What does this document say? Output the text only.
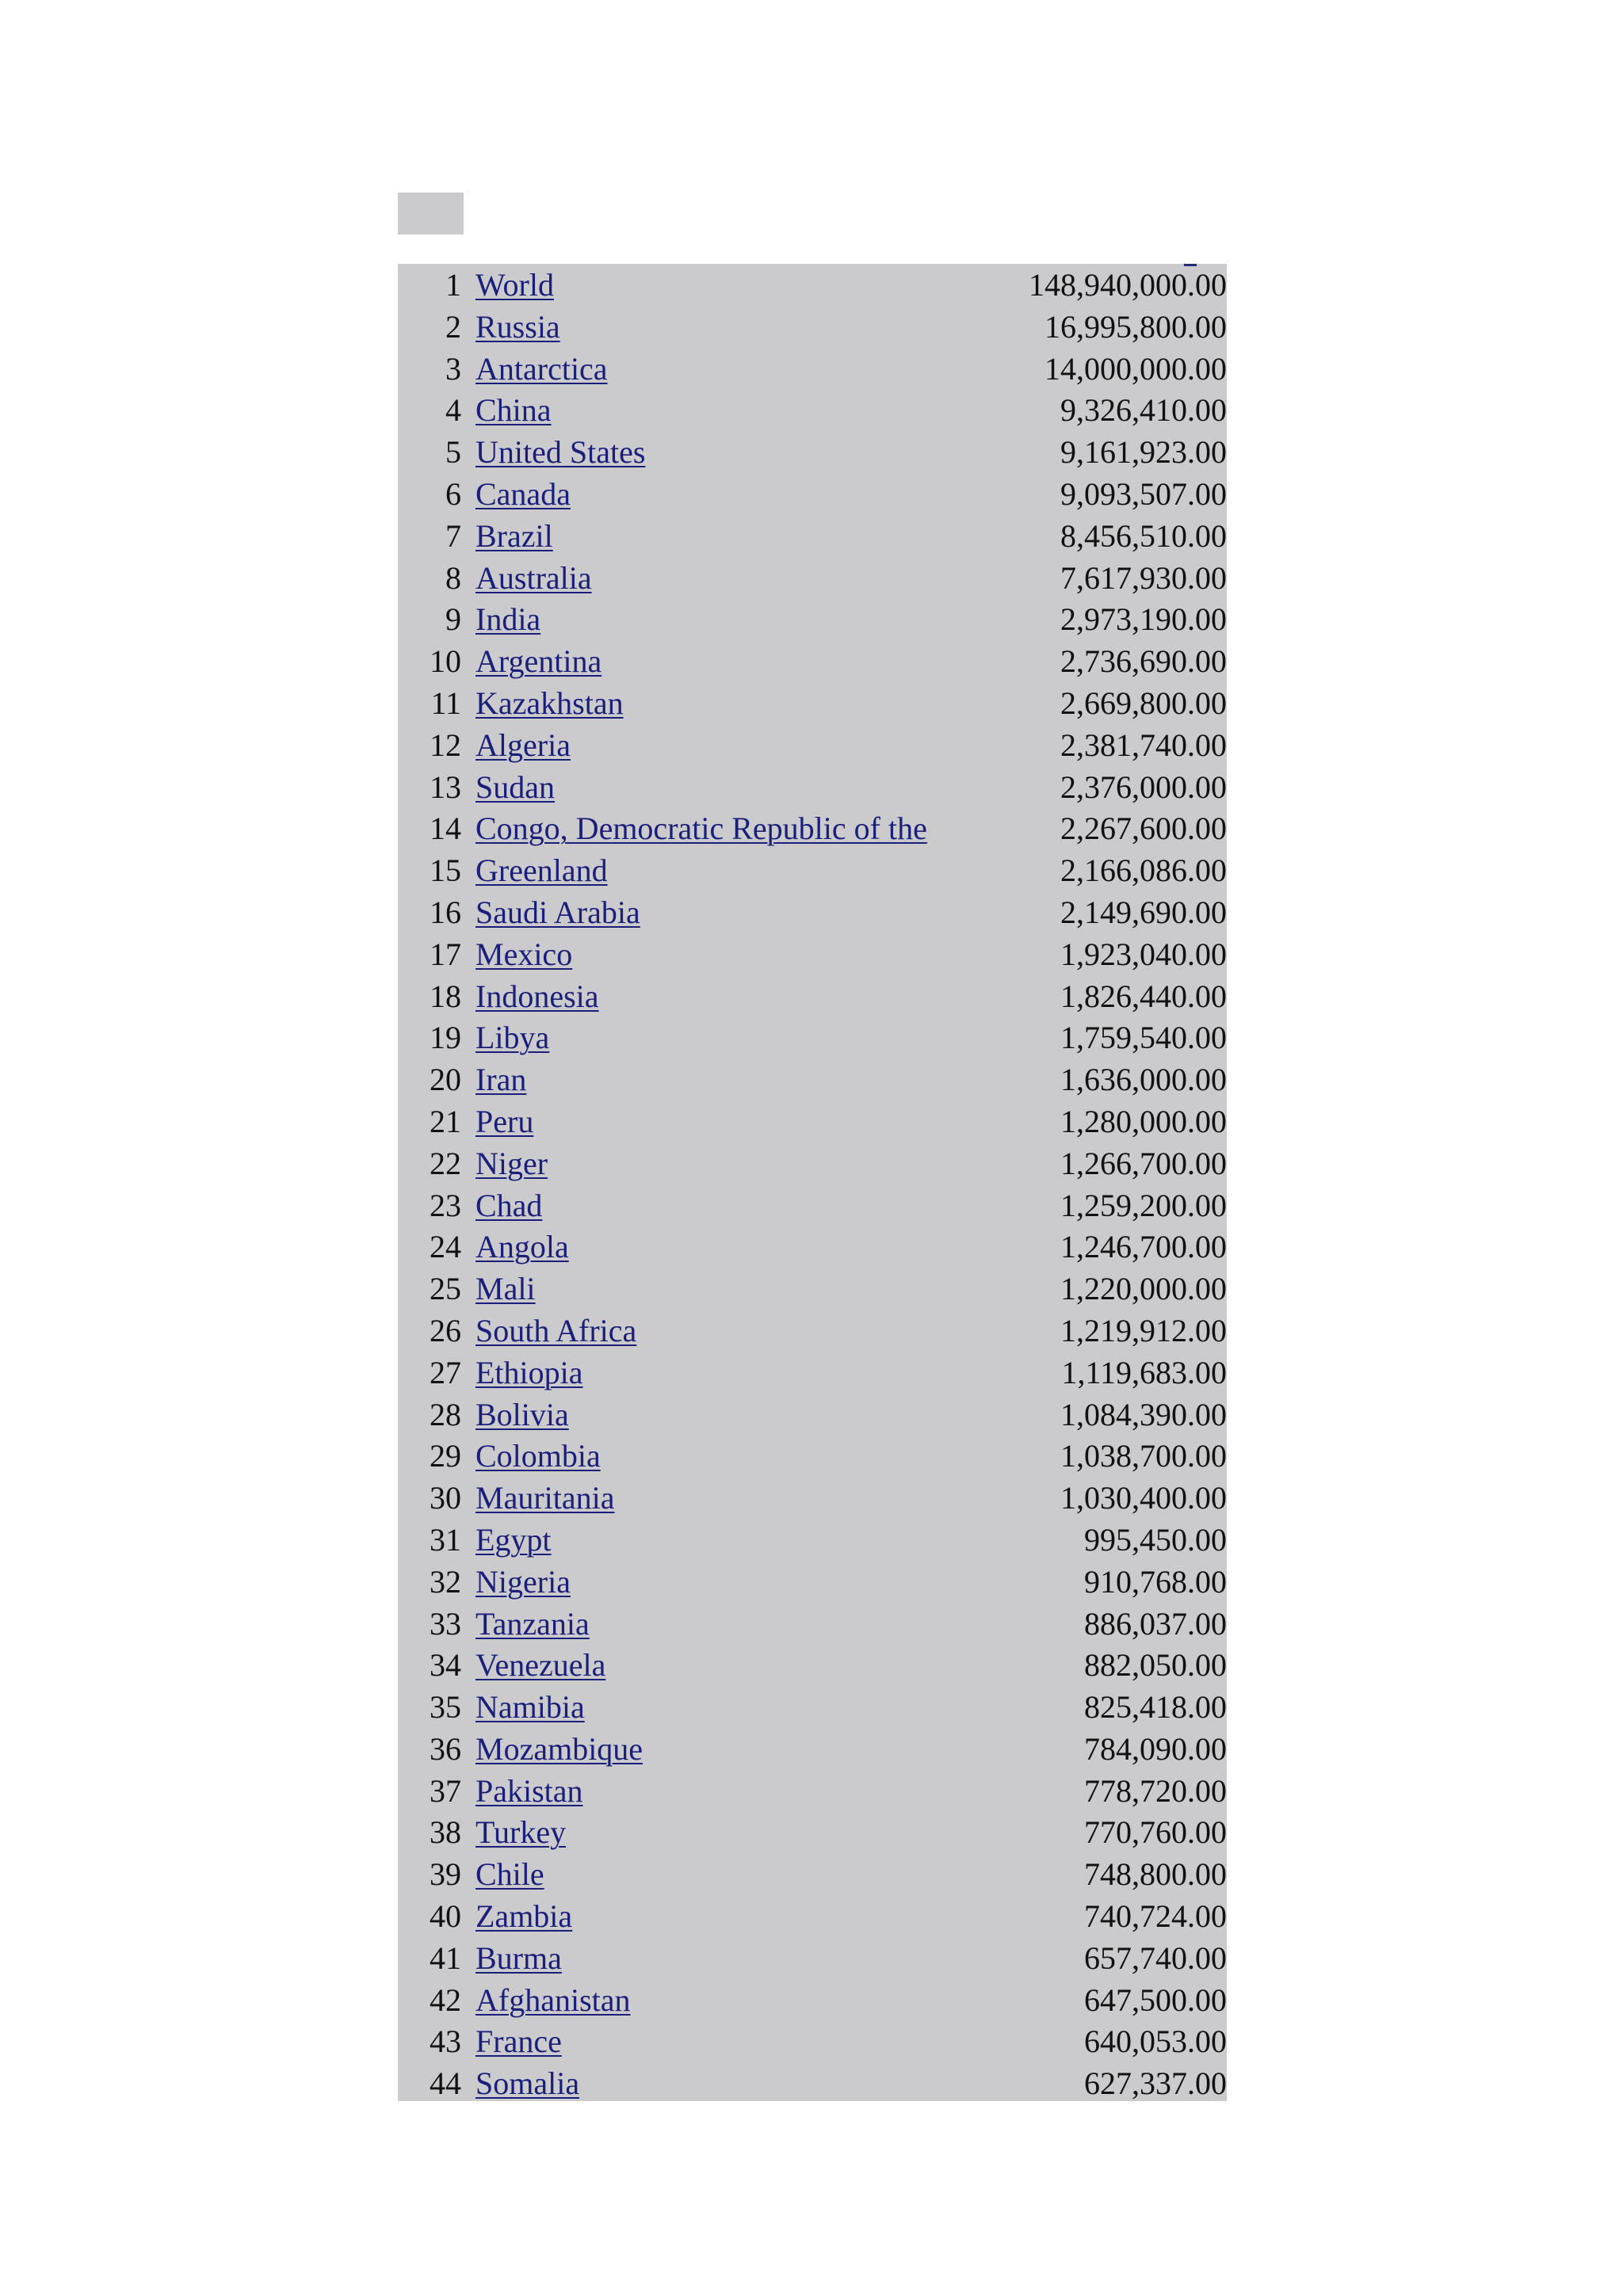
1	World	148,940,000.00
2	Russia	16,995,800.00
3	Antarctica	14,000,000.00
4	China	9,326,410.00
5	United States	9,161,923.00
6	Canada	9,093,507.00
7	Brazil	8,456,510.00
8	Australia	7,617,930.00
9	India	2,973,190.00
10	Argentina	2,736,690.00
11	Kazakhstan	2,669,800.00
12	Algeria	2,381,740.00
13	Sudan	2,376,000.00
14	Congo, Democratic Republic of the	2,267,600.00
15	Greenland	2,166,086.00
16	Saudi Arabia	2,149,690.00
17	Mexico	1,923,040.00
18	Indonesia	1,826,440.00
19	Libya	1,759,540.00
20	Iran	1,636,000.00
21	Peru	1,280,000.00
22	Niger	1,266,700.00
23	Chad	1,259,200.00
24	Angola	1,246,700.00
25	Mali	1,220,000.00
26	South Africa	1,219,912.00
27	Ethiopia	1,119,683.00
28	Bolivia	1,084,390.00
29	Colombia	1,038,700.00
30	Mauritania	1,030,400.00
31	Egypt	995,450.00
32	Nigeria	910,768.00
33	Tanzania	886,037.00
34	Venezuela	882,050.00
35	Namibia	825,418.00
36	Mozambique	784,090.00
37	Pakistan	778,720.00
38	Turkey	770,760.00
39	Chile	748,800.00
40	Zambia	740,724.00
41	Burma	657,740.00
42	Afghanistan	647,500.00
43	France	640,053.00
44	Somalia	627,337.00
